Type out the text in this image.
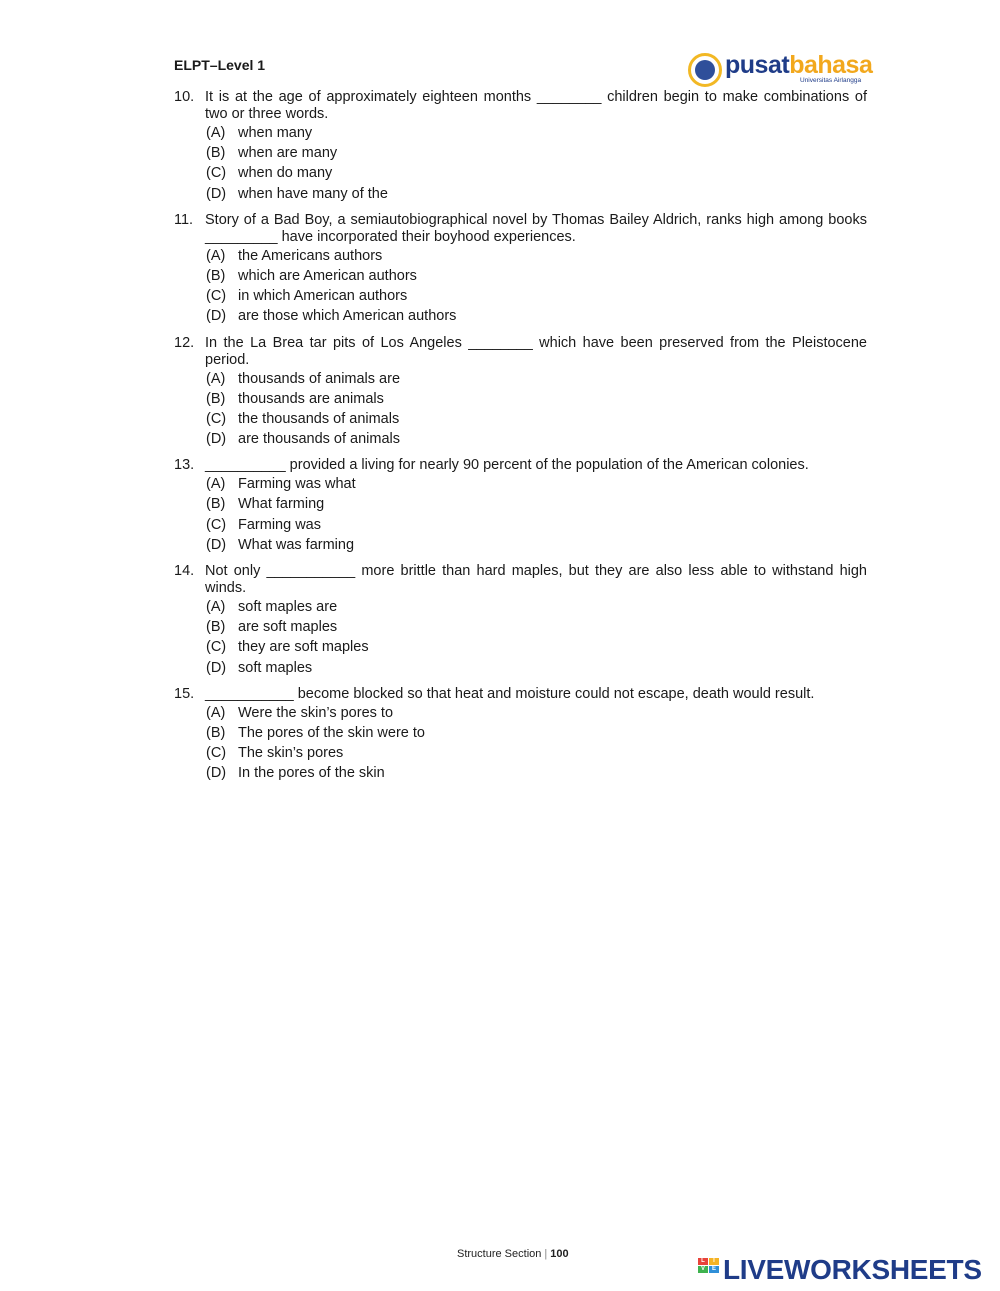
ELPT–Level 1	pusatbahasa
Universitas Airlangga
10. It is at the age of approximately eighteen months ________ children begin to make combinations of two or three words.
(A) when many
(B) when are many
(C) when do many
(D) when have many of the
11. Story of a Bad Boy, a semiautobiographical novel by Thomas Bailey Aldrich, ranks high among books _________ have incorporated their boyhood experiences.
(A) the Americans authors
(B) which are American authors
(C) in which American authors
(D) are those which American authors
12. In the La Brea tar pits of Los Angeles ________ which have been preserved from the Pleistocene period.
(A) thousands of animals are
(B) thousands are animals
(C) the thousands of animals
(D) are thousands of animals
13. __________ provided a living for nearly 90 percent of the population of the American colonies.
(A) Farming was what
(B) What farming
(C) Farming was
(D) What was farming
14. Not only ___________ more brittle than hard maples, but they are also less able to withstand high winds.
(A) soft maples are
(B) are soft maples
(C) they are soft maples
(D) soft maples
15. ___________ become blocked so that heat and moisture could not escape, death would result.
(A) Were the skin’s pores to
(B) The pores of the skin were to
(C) The skin’s pores
(D) In the pores of the skin
Structure Section | 100
L	I
V	E LIVEWORKSHEETS
